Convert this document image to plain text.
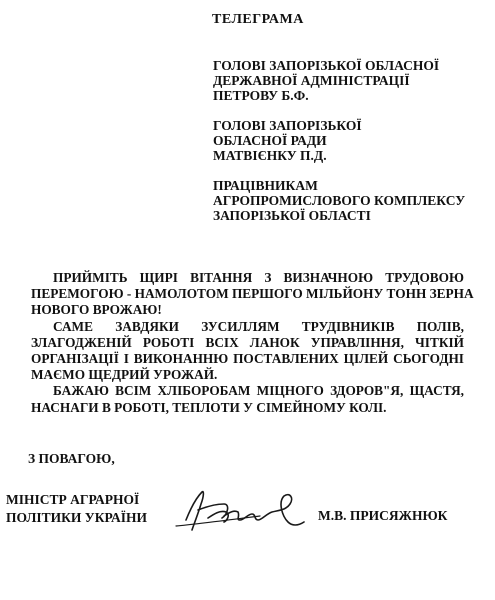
ТЕЛЕГРАМА
ГОЛОВІ ЗАПОРІЗЬКОЇ ОБЛАСНОЇ
ДЕРЖАВНОЇ АДМІНІСТРАЦІЇ
ПЕТРОВУ Б.Ф.
ГОЛОВІ ЗАПОРІЗЬКОЇ
ОБЛАСНОЇ РАДИ
МАТВІЄНКУ П.Д.
ПРАЦІВНИКАМ
АГРОПРОМИСЛОВОГО КОМПЛЕКСУ
ЗАПОРІЗЬКОЇ ОБЛАСТІ

ПРИЙМІТЬ ЩИРІ ВІТАННЯ З ВИЗНАЧНОЮ ТРУДОВОЮ
ПЕРЕМОГОЮ - НАМОЛОТОМ ПЕРШОГО МІЛЬЙОНУ ТОНН ЗЕРНА
НОВОГО ВРОЖАЮ!

САМЕ ЗАВДЯКИ ЗУСИЛЛЯМ ТРУДІВНИКІВ ПОЛІВ,
ЗЛАГОДЖЕНІЙ РОБОТІ ВСІХ ЛАНОК УПРАВЛІННЯ, ЧІТКІЙ
ОРГАНІЗАЦІЇ І ВИКОНАННЮ ПОСТАВЛЕНИХ ЦІЛЕЙ СЬОГОДНІ
МАЄМО ЩЕДРИЙ УРОЖАЙ.

БАЖАЮ ВСІМ ХЛІБОРОБАМ МІЦНОГО ЗДОРОВ"Я, ЩАСТЯ,
НАСНАГИ В РОБОТІ, ТЕПЛОТИ У СІМЕЙНОМУ КОЛІ.

З ПОВАГОЮ,
МІНІСТР АГРАРНОЇ
ПОЛІТИКИ УКРАЇНИ	М.В. ПРИСЯЖНЮК
